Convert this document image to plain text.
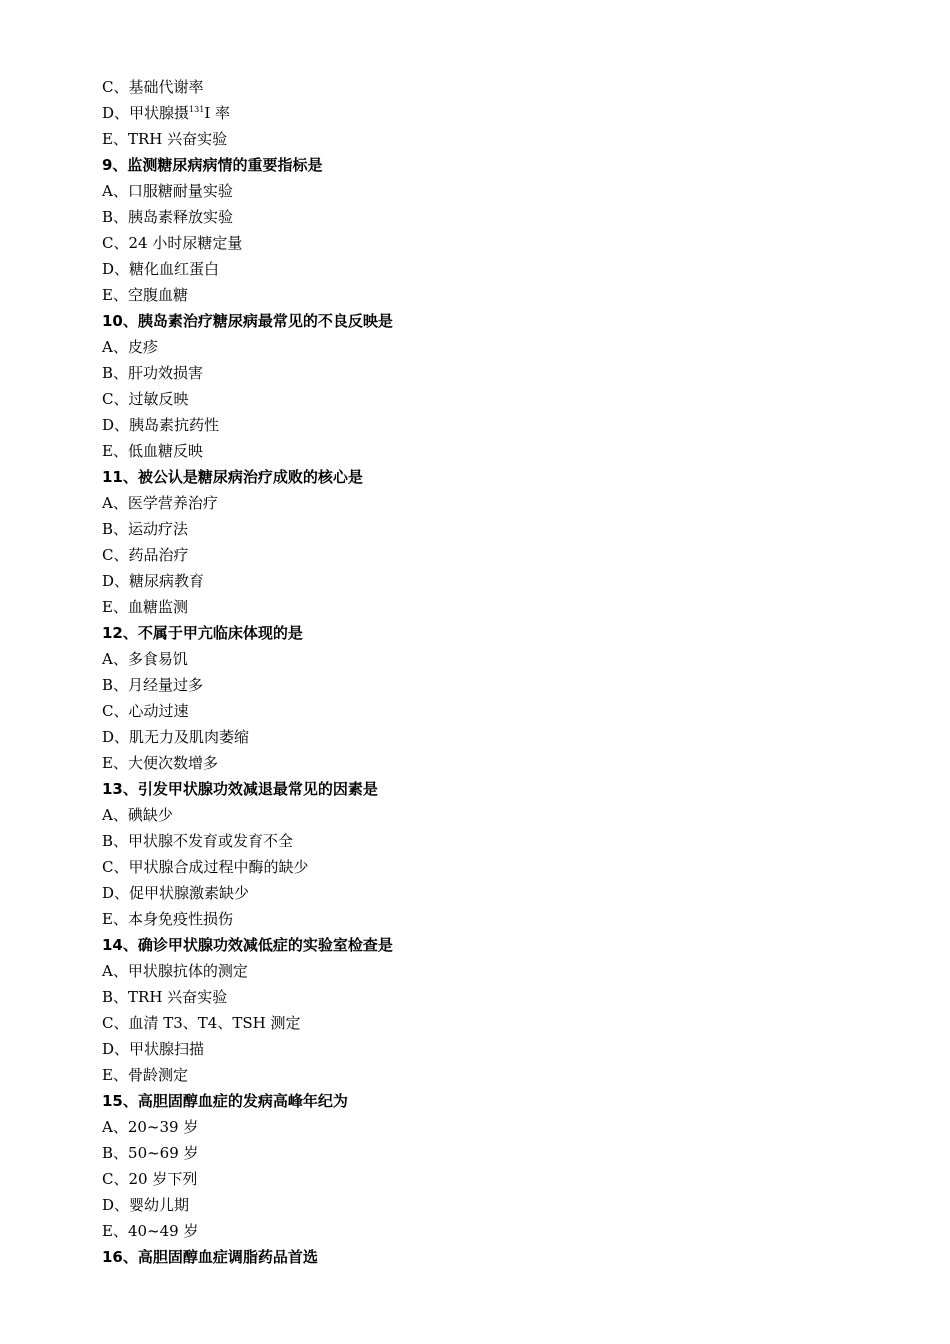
C、基础代谢率
D、甲状腺摄$^{131}$I 率
E、TRH 兴奋实验
9、监测糖尿病病情的重要指标是
A、口服糖耐量实验
B、胰岛素释放实验
C、24 小时尿糖定量
D、糖化血红蛋白
E、空腹血糖
10、胰岛素治疗糖尿病最常见的不良反映是
A、皮疹
B、肝功效损害
C、过敏反映
D、胰岛素抗药性
E、低血糖反映
11、被公认是糖尿病治疗成败的核心是
A、医学营养治疗
B、运动疗法
C、药品治疗
D、糖尿病教育
E、血糖监测
12、不属于甲亢临床体现的是
A、多食易饥
B、月经量过多
C、心动过速
D、肌无力及肌肉萎缩
E、大便次数增多
13、引发甲状腺功效减退最常见的因素是
A、碘缺少
B、甲状腺不发育或发育不全
C、甲状腺合成过程中酶的缺少
D、促甲状腺激素缺少
E、本身免疫性损伤
14、确诊甲状腺功效减低症的实验室检查是
A、甲状腺抗体的测定
B、TRH 兴奋实验
C、血清 T3、T4、TSH 测定
D、甲状腺扫描
E、骨龄测定
15、高胆固醇血症的发病高峰年纪为
A、20~39 岁
B、50~69 岁
C、20 岁下列
D、婴幼儿期
E、40~49 岁
16、高胆固醇血症调脂药品首选
